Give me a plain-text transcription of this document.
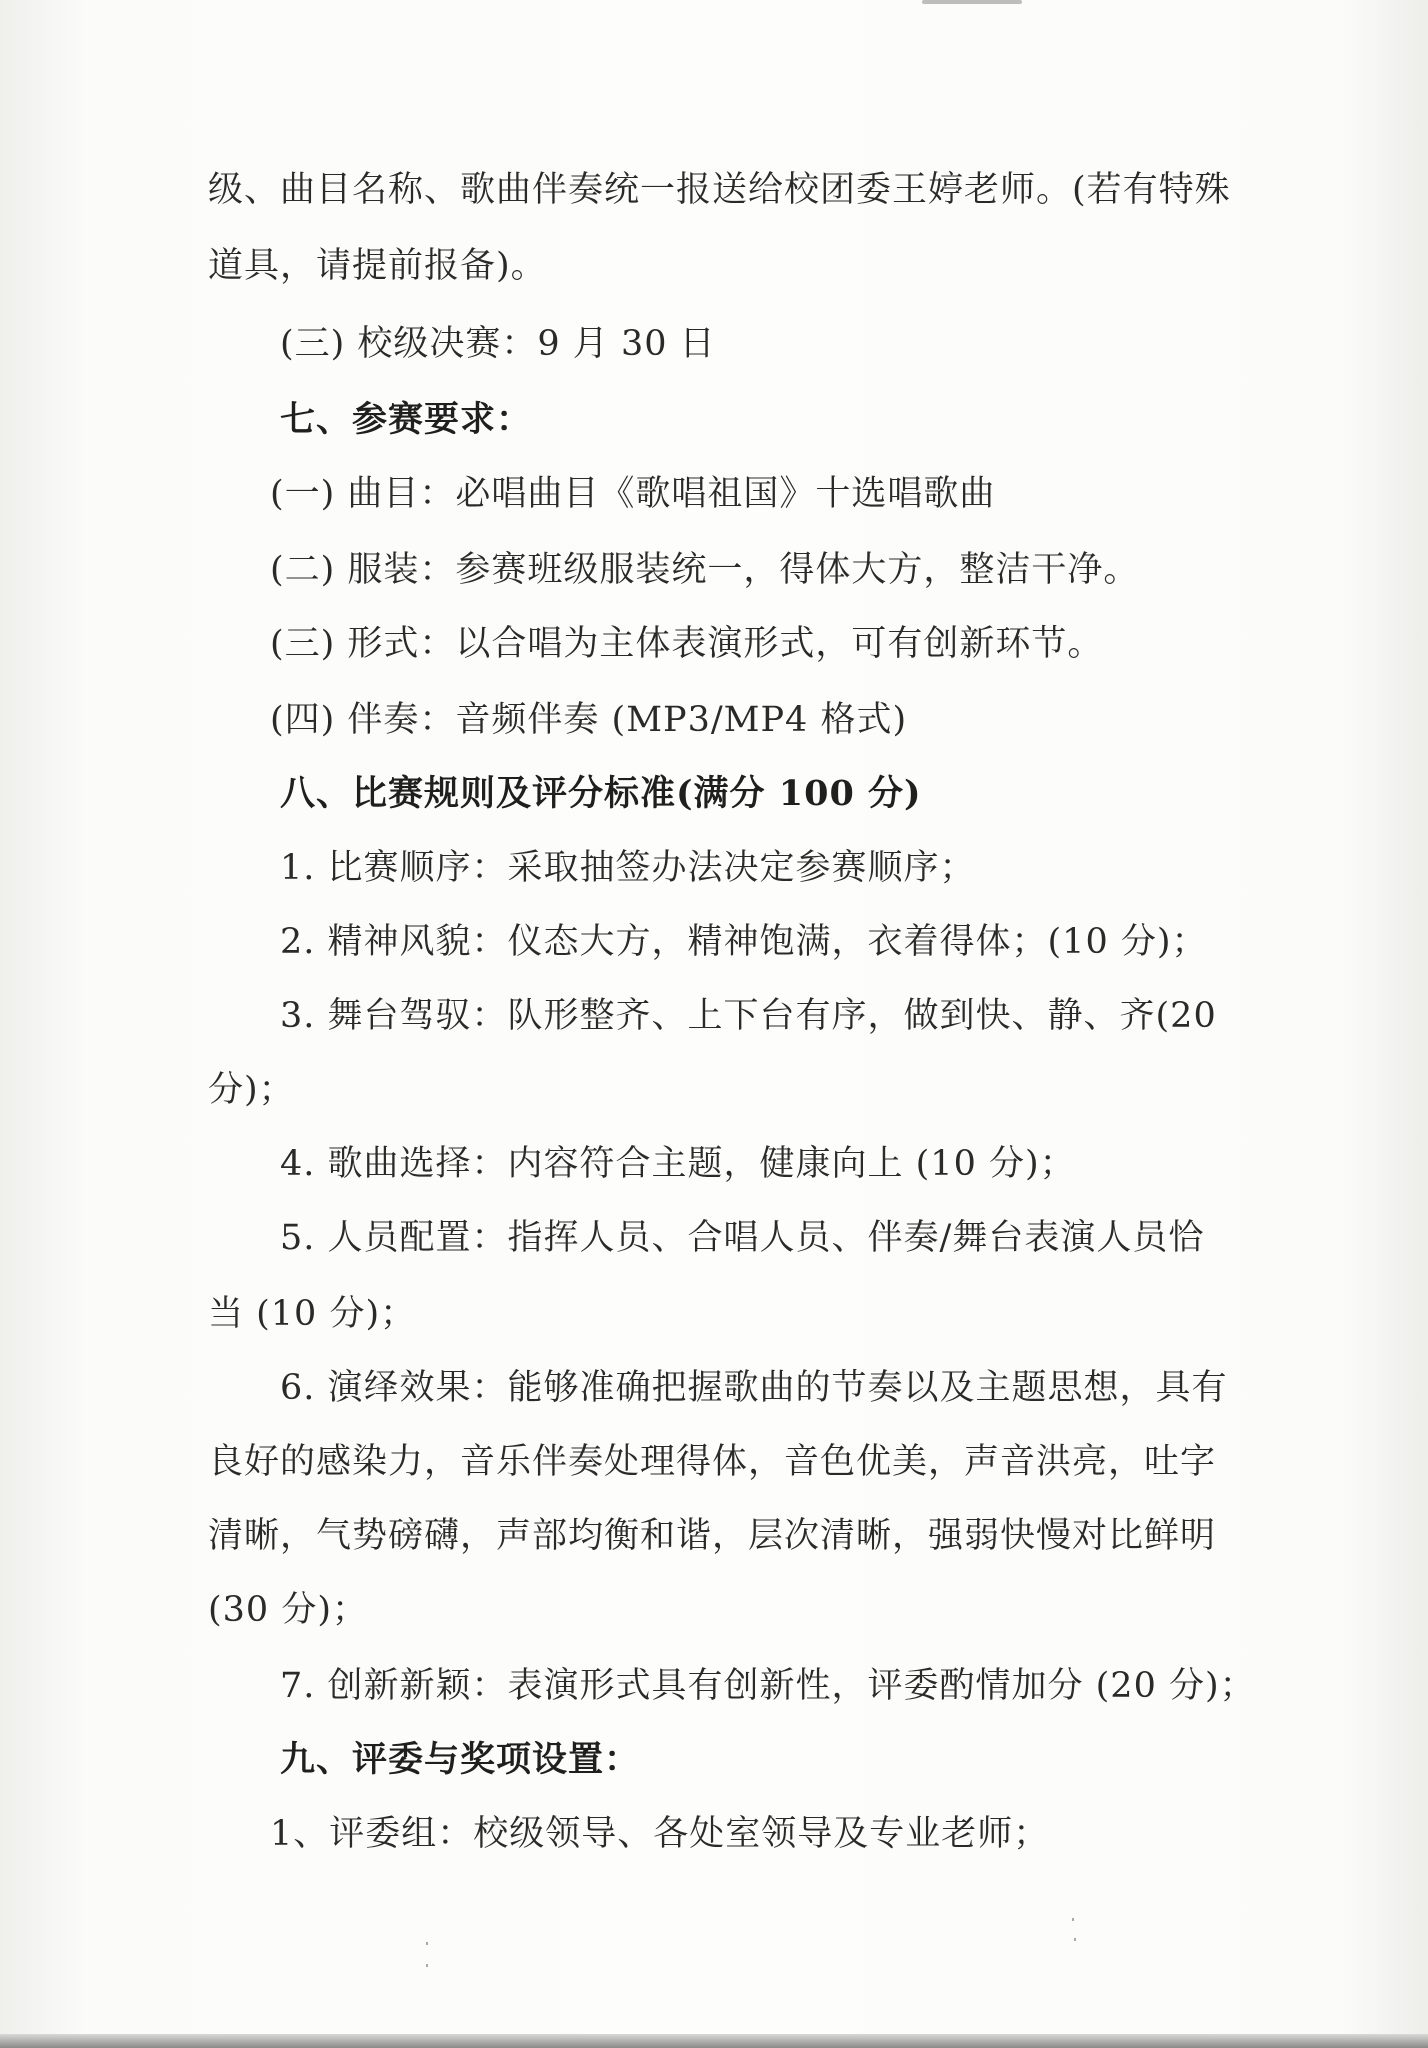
级、曲目名称、歌曲伴奏统一报送给校团委王婷老师。(若有特殊
道具，请提前报备)。
(三) 校级决赛：9 月 30 日
七、参赛要求：
(一) 曲目：必唱曲目《歌唱祖国》十选唱歌曲
(二) 服装：参赛班级服装统一，得体大方，整洁干净。
(三) 形式：以合唱为主体表演形式，可有创新环节。
(四) 伴奏：音频伴奏 (MP3/MP4 格式)
八、比赛规则及评分标准(满分 100 分)
1. 比赛顺序：采取抽签办法决定参赛顺序；
2. 精神风貌：仪态大方，精神饱满，衣着得体；(10 分)；
3. 舞台驾驭：队形整齐、上下台有序，做到快、静、齐(20
分)；
4. 歌曲选择：内容符合主题，健康向上 (10 分)；
5. 人员配置：指挥人员、合唱人员、伴奏/舞台表演人员恰
当 (10 分)；
6. 演绎效果：能够准确把握歌曲的节奏以及主题思想，具有
良好的感染力，音乐伴奏处理得体，音色优美，声音洪亮，吐字
清晰，气势磅礴，声部均衡和谐，层次清晰，强弱快慢对比鲜明
(30 分)；
7. 创新新颖：表演形式具有创新性，评委酌情加分 (20 分)；
九、评委与奖项设置：
1、评委组：校级领导、各处室领导及专业老师；
